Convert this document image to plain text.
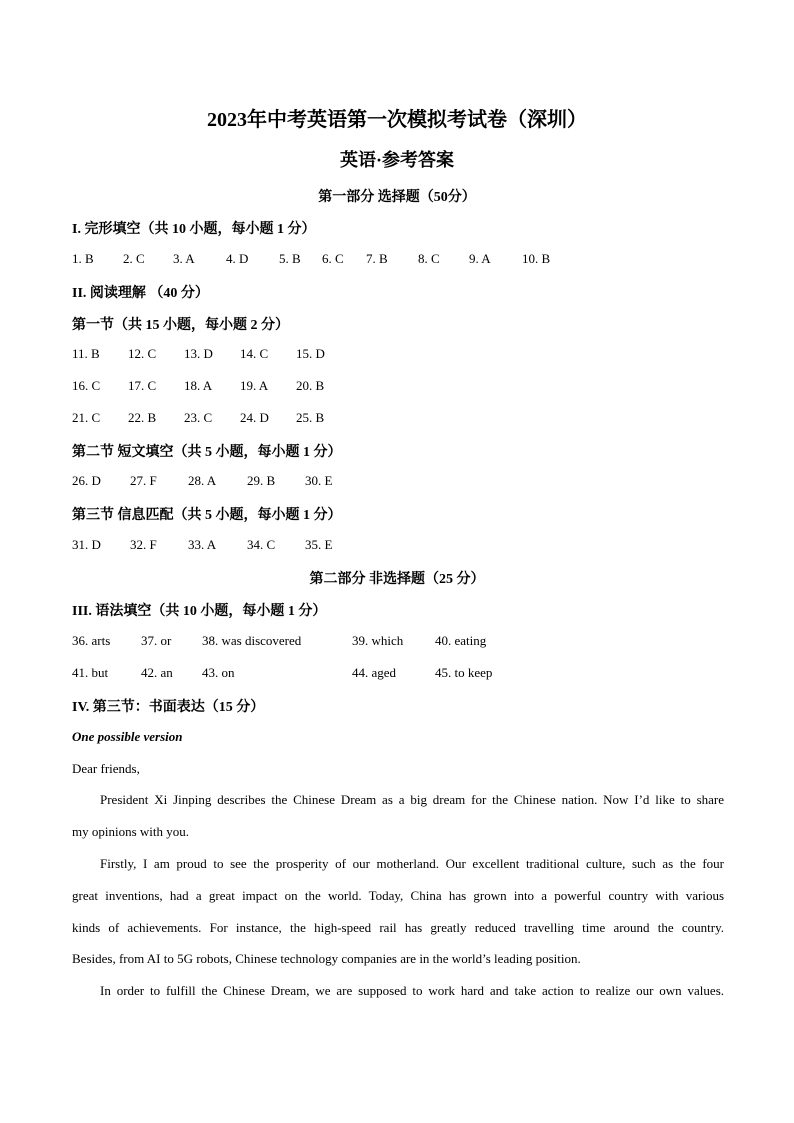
2023年中考英语第一次模拟考试卷（深圳）
英语·参考答案
第一部分 选择题（50分）
I. 完形填空（共 10 小题，每小题 1 分）
1. B 2. C 3. A 4. D 5. B 6. C 7. B 8. C 9. A 10. B
II. 阅读理解 （40 分）
第一节（共 15 小题，每小题 2 分）
11. B 12. C 13. D 14. C 15. D
16. C 17. C 18. A 19. A 20. B
21. C 22. B 23. C 24. D 25. B
第二节 短文填空（共 5 小题，每小题 1 分）
26. D 27. F 28. A 29. B 30. E
第三节 信息匹配（共 5 小题，每小题 1 分）
31. D 32. F 33. A 34. C 35. E
第二部分 非选择题（25 分）
III. 语法填空（共 10 小题，每小题 1 分）
36. arts 37. or 38. was discovered	39. which 40. eating
41. but	42. an 43. on	44. aged	45. to keep
IV. 第三节：书面表达（15 分）
One possible version
Dear friends,
President Xi Jinping describes the Chinese Dream as a big dream for the Chinese nation. Now I’d like to share
my opinions with you.
Firstly, I am proud to see the prosperity of our motherland. Our excellent traditional culture, such as the four
great inventions, had a great impact on the world. Today, China has grown into a powerful country with various
kinds of achievements. For instance, the high-speed rail has greatly reduced travelling time around the country.
Besides, from AI to 5G robots, Chinese technology companies are in the world’s leading position.
In order to fulfill the Chinese Dream, we are supposed to work hard and take action to realize our own values.
